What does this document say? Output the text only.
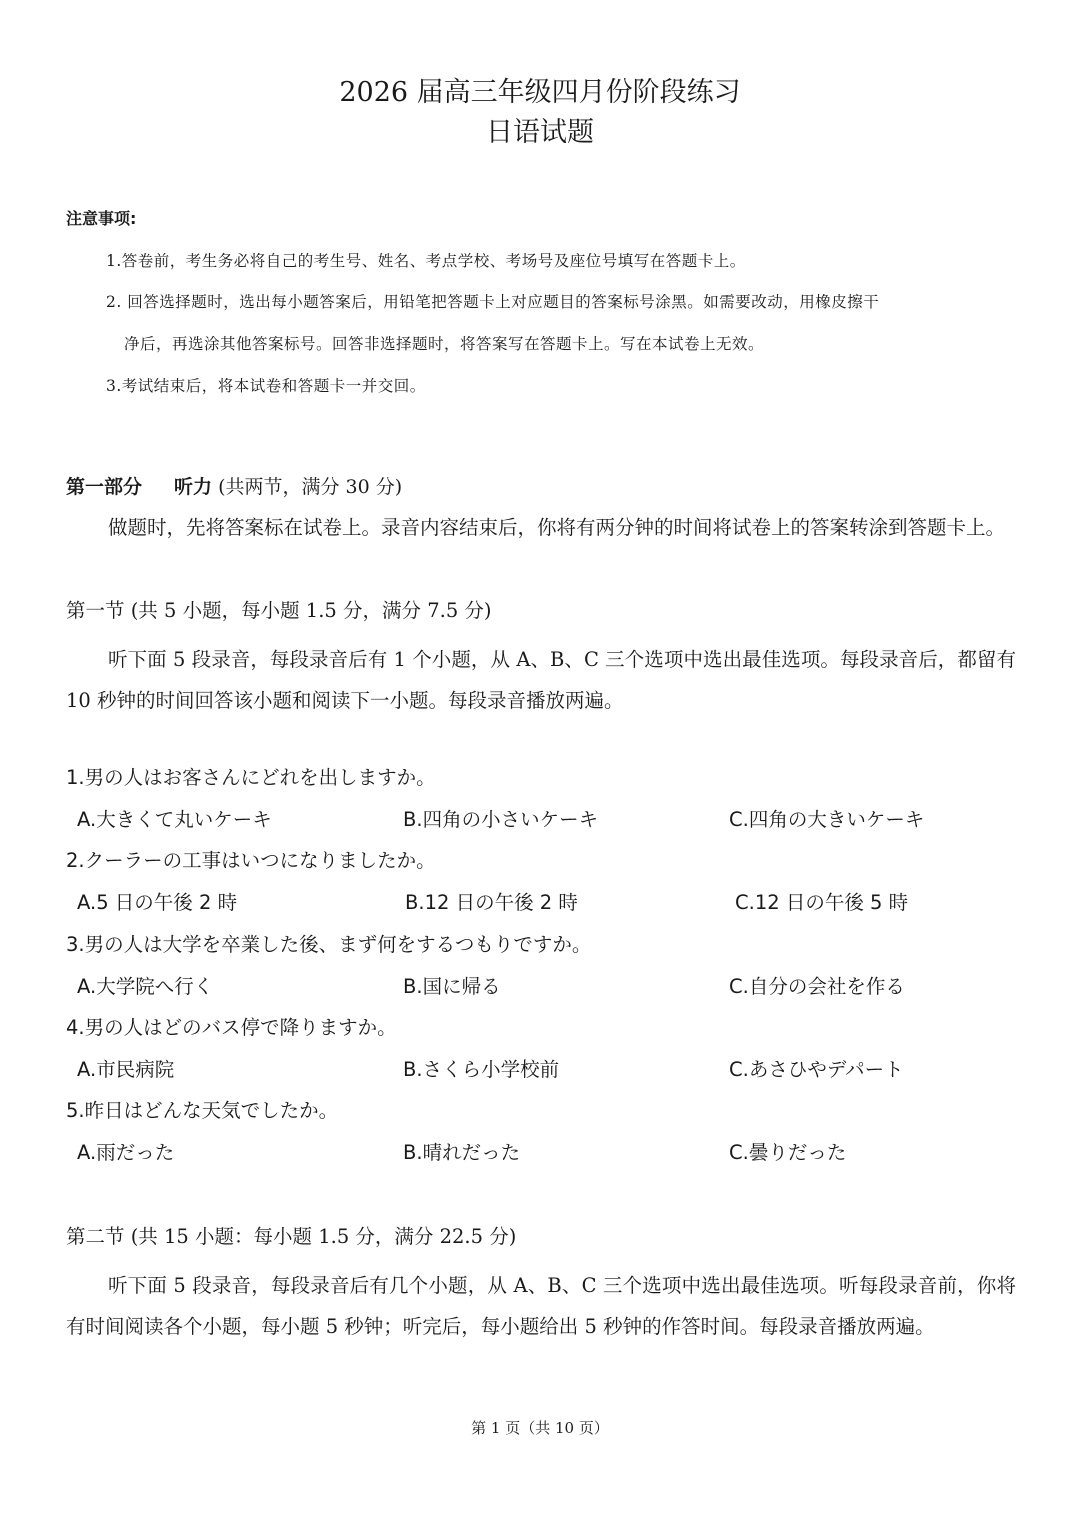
2026 届高三年级四月份阶段练习
日语试题
注意事项:
1.答卷前，考生务必将自己的考生号、姓名、考点学校、考场号及座位号填写在答题卡上。
2. 回答选择题时，选出每小题答案后，用铅笔把答题卡上对应题目的答案标号涂黑。如需要改动，用橡皮擦干
净后，再选涂其他答案标号。回答非选择题时，将答案写在答题卡上。写在本试卷上无效。
3.考试结束后，将本试卷和答题卡一并交回。
第一部分 听力 (共两节，满分 30 分)
做题时，先将答案标在试卷上。录音内容结束后，你将有两分钟的时间将试卷上的答案转涂到答题卡上。
第一节 (共 5 小题，每小题 1.5 分，满分 7.5 分)
听下面 5 段录音，每段录音后有 1 个小题，从 A、B、C 三个选项中选出最佳选项。每段录音后，都留有 10 秒钟的时间回答该小题和阅读下一小题。每段录音播放两遍。
1.男の人はお客さんにどれを出しますか。
A.大きくて丸いケーキ	B.四角の小さいケーキ	C.四角の大きいケーキ
2.クーラーの工事はいつになりましたか。
A.5 日の午後 2 時	B.12 日の午後 2 時	C.12 日の午後 5 時
3.男の人は大学を卒業した後、まず何をするつもりですか。
A.大学院へ行く	B.国に帰る	C.自分の会社を作る
4.男の人はどのバス停で降りますか。
A.市民病院	B.さくら小学校前	C.あさひやデパート
5.昨日はどんな天気でしたか。
A.雨だった	B.晴れだった	C.曇りだった
第二节 (共 15 小题：每小题 1.5 分，满分 22.5 分)
听下面 5 段录音，每段录音后有几个小题，从 A、B、C 三个选项中选出最佳选项。听每段录音前，你将有时间阅读各个小题，每小题 5 秒钟；听完后，每小题给出 5 秒钟的作答时间。每段录音播放两遍。
第 1 页（共 10 页）
